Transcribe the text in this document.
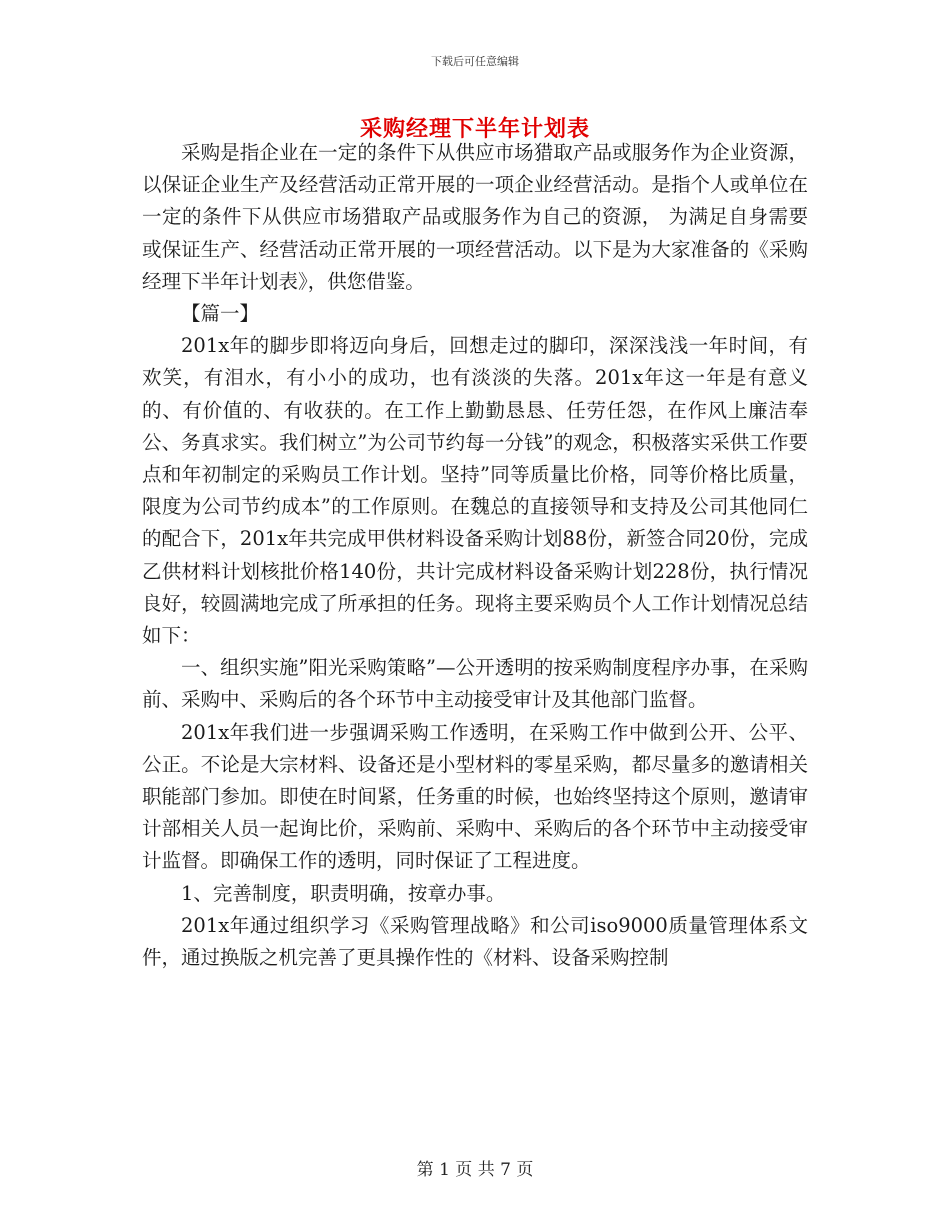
下载后可任意编辑
采购经理下半年计划表

采购是指企业在一定的条件下从供应市场猎取产品或服务作为企业资源， 以保证企业生产及经营活动正常开展的一项企业经营活动。是指个人或单位在一定的条件下从供应市场猎取产品或服务作为自己的资源， 为满足自身需要或保证生产、经营活动正常开展的一项经营活动。以下是为大家准备的《采购经理下半年计划表》，供您借鉴。

【篇一】

201x年的脚步即将迈向身后，回想走过的脚印，深深浅浅一年时间，有欢笑，有泪水，有小小的成功，也有淡淡的失落。201x年这一年是有意义的、有价值的、有收获的。在工作上勤勤恳恳、任劳任怨，在作风上廉洁奉公、务真求实。我们树立”为公司节约每一分钱”的观念，积极落实采供工作要点和年初制定的采购员工作计划。坚持”同等质量比价格，同等价格比质量，限度为公司节约成本”的工作原则。在魏总的直接领导和支持及公司其他同仁的配合下，201x年共完成甲供材料设备采购计划88份，新签合同20份，完成乙供材料计划核批价格140份，共计完成材料设备采购计划228份，执行情况良好，较圆满地完成了所承担的任务。现将主要采购员个人工作计划情况总结如下：

一、组织实施”阳光采购策略”—公开透明的按采购制度程序办事，在采购前、采购中、采购后的各个环节中主动接受审计及其他部门监督。

201x年我们进一步强调采购工作透明，在采购工作中做到公开、公平、公正。不论是大宗材料、设备还是小型材料的零星采购，都尽量多的邀请相关职能部门参加。即使在时间紧，任务重的时候，也始终坚持这个原则，邀请审计部相关人员一起询比价，采购前、采购中、采购后的各个环节中主动接受审计监督。即确保工作的透明，同时保证了工程进度。

1、完善制度，职责明确，按章办事。

201x年通过组织学习《采购管理战略》和公司iso9000质量管理体系文件，通过换版之机完善了更具操作性的《材料、设备采购控制

第 1 页 共 7 页
